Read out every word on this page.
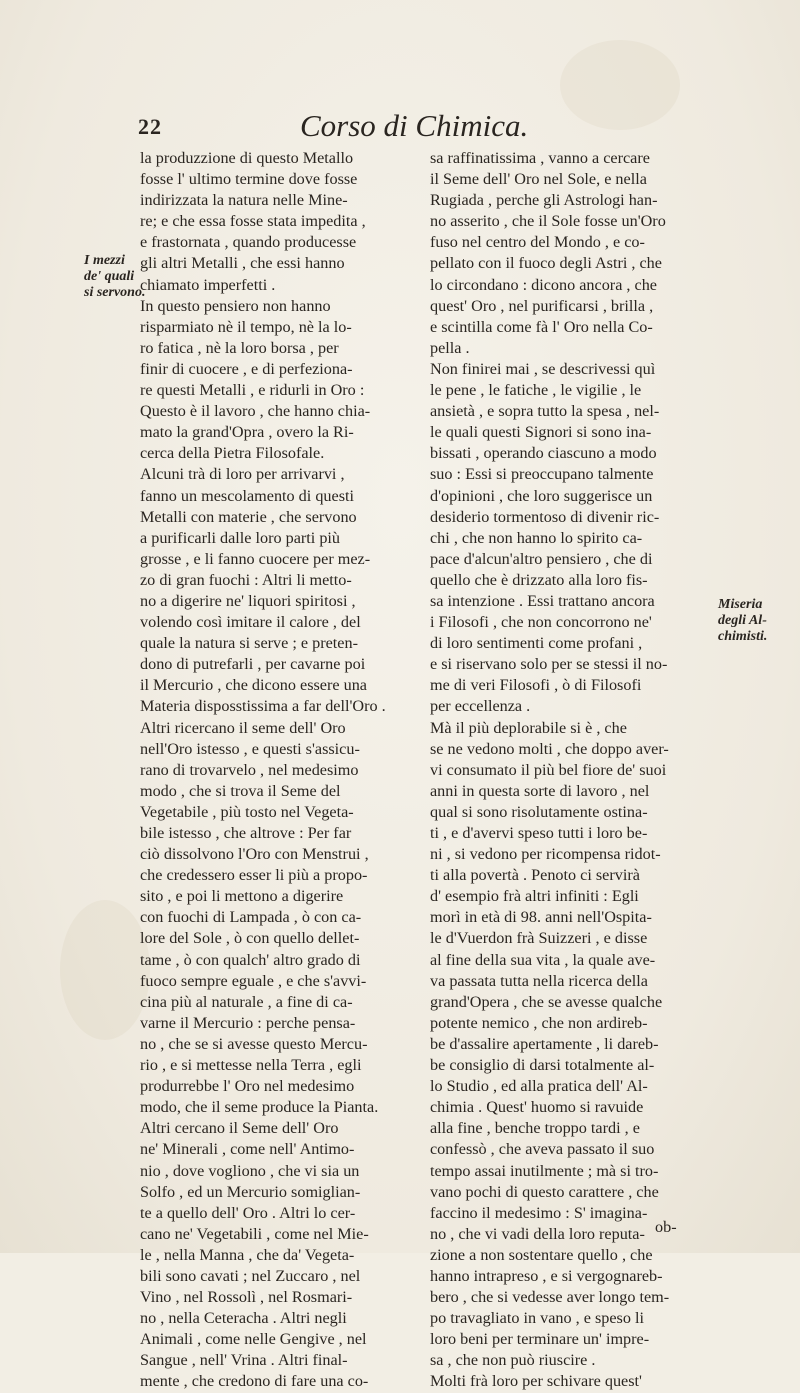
22	Corso di Chimica.
I mezzi
de' quali
si servono.
Miseria
degli Al-
chimisti.
la produzzione di questo Metallo
fosse l' ultimo termine dove fosse
indirizzata la natura nelle Mine-
re; e che essa fosse stata impedita ,
e frastornata , quando producesse
gli altri Metalli , che essi hanno
chiamato imperfetti .
In questo pensiero non hanno
risparmiato nè il tempo, nè la lo-
ro fatica , nè la loro borsa , per
finir di cuocere , e di perfeziona-
re questi Metalli , e ridurli in Oro :
Questo è il lavoro , che hanno chia-
mato la grand'Opra , overo la Ri-
cerca della Pietra Filosofale.
Alcuni trà di loro per arrivarvi ,
fanno un mescolamento di questi
Metalli con materie , che servono
a purificarli dalle loro parti più
grosse , e li fanno cuocere per mez-
zo di gran fuochi : Altri li metto-
no a digerire ne' liquori spiritosi ,
volendo così imitare il calore , del
quale la natura si serve ; e preten-
dono di putrefarli , per cavarne poi
il Mercurio , che dicono essere una
Materia disposstissima a far dell'Oro .
Altri ricercano il seme dell' Oro
nell'Oro istesso , e questi s'assicu-
rano di trovarvelo , nel medesimo
modo , che si trova il Seme del
Vegetabile , più tosto nel Vegeta-
bile istesso , che altrove : Per far
ciò dissolvono l'Oro con Menstrui ,
che credessero esser li più a propo-
sito , e poi li mettono a digerire
con fuochi di Lampada , ò con ca-
lore del Sole , ò con quello dellet-
tame , ò con qualch' altro grado di
fuoco sempre eguale , e che s'avvi-
cina più al naturale , a fine di ca-
varne il Mercurio : perche pensa-
no , che se si avesse questo Mercu-
rio , e si mettesse nella Terra , egli
produrrebbe l' Oro nel medesimo
modo, che il seme produce la Pianta.
Altri cercano il Seme dell' Oro
ne' Minerali , come nell' Antimo-
nio , dove vogliono , che vi sia un
Solfo , ed un Mercurio somiglian-
te a quello dell' Oro . Altri lo cer-
cano ne' Vegetabili , come nel Mie-
le , nella Manna , che da' Vegeta-
bili sono cavati ; nel Zuccaro , nel
Vino , nel Rossolì , nel Rosmari-
no , nella Ceteracha . Altri negli
Animali , come nelle Gengive , nel
Sangue , nell' Vrina . Altri final-
mente , che credono di fare una co-
sa raffinatissima , vanno a cercare
il Seme dell' Oro nel Sole, e nella
Rugiada , perche gli Astrologi han-
no asserito , che il Sole fosse un'Oro
fuso nel centro del Mondo , e co-
pellato con il fuoco degli Astri , che
lo circondano : dicono ancora , che
quest' Oro , nel purificarsi , brilla ,
e scintilla come fà l' Oro nella Co-
pella .
Non finirei mai , se descrivessi quì
le pene , le fatiche , le vigilie , le
ansietà , e sopra tutto la spesa , nel-
le quali questi Signori si sono ina-
bissati , operando ciascuno a modo
suo : Essi si preoccupano talmente
d'opinioni , che loro suggerisce un
desiderio tormentoso di divenir ric-
chi , che non hanno lo spirito ca-
pace d'alcun'altro pensiero , che di
quello che è drizzato alla loro fis-
sa intenzione . Essi trattano ancora
i Filosofi , che non concorrono ne'
di loro sentimenti come profani ,
e si riservano solo per se stessi il no-
me di veri Filosofi , ò di Filosofi
per eccellenza .
Mà il più deplorabile si è , che
se ne vedono molti , che doppo aver-
vi consumato il più bel fiore de' suoi
anni in questa sorte di lavoro , nel
qual si sono risolutamente ostina-
ti , e d'avervi speso tutti i loro be-
ni , si vedono per ricompensa ridot-
ti alla povertà . Penoto ci servirà
d' esempio frà altri infiniti : Egli
morì in età di 98. anni nell'Ospita-
le d'Vuerdon frà Suizzeri , e disse
al fine della sua vita , la quale ave-
va passata tutta nella ricerca della
grand'Opera , che se avesse qualche
potente nemico , che non ardireb-
be d'assalire apertamente , li dareb-
be consiglio di darsi totalmente al-
lo Studio , ed alla pratica dell' Al-
chimia . Quest' huomo si ravuide
alla fine , benche troppo tardi , e
confessò , che aveva passato il suo
tempo assai inutilmente ; mà si tro-
vano pochi di questo carattere , che
faccino il medesimo : S' imagina-
no , che vi vadi della loro reputa-
zione a non sostentare quello , che
hanno intrapreso , e si vergognareb-
bero , che si vedesse aver longo tem-
po travagliato in vano , e speso li
loro beni per terminare un' impre-
sa , che non può riuscire .
Molti frà loro per schivare quest'
ob-
